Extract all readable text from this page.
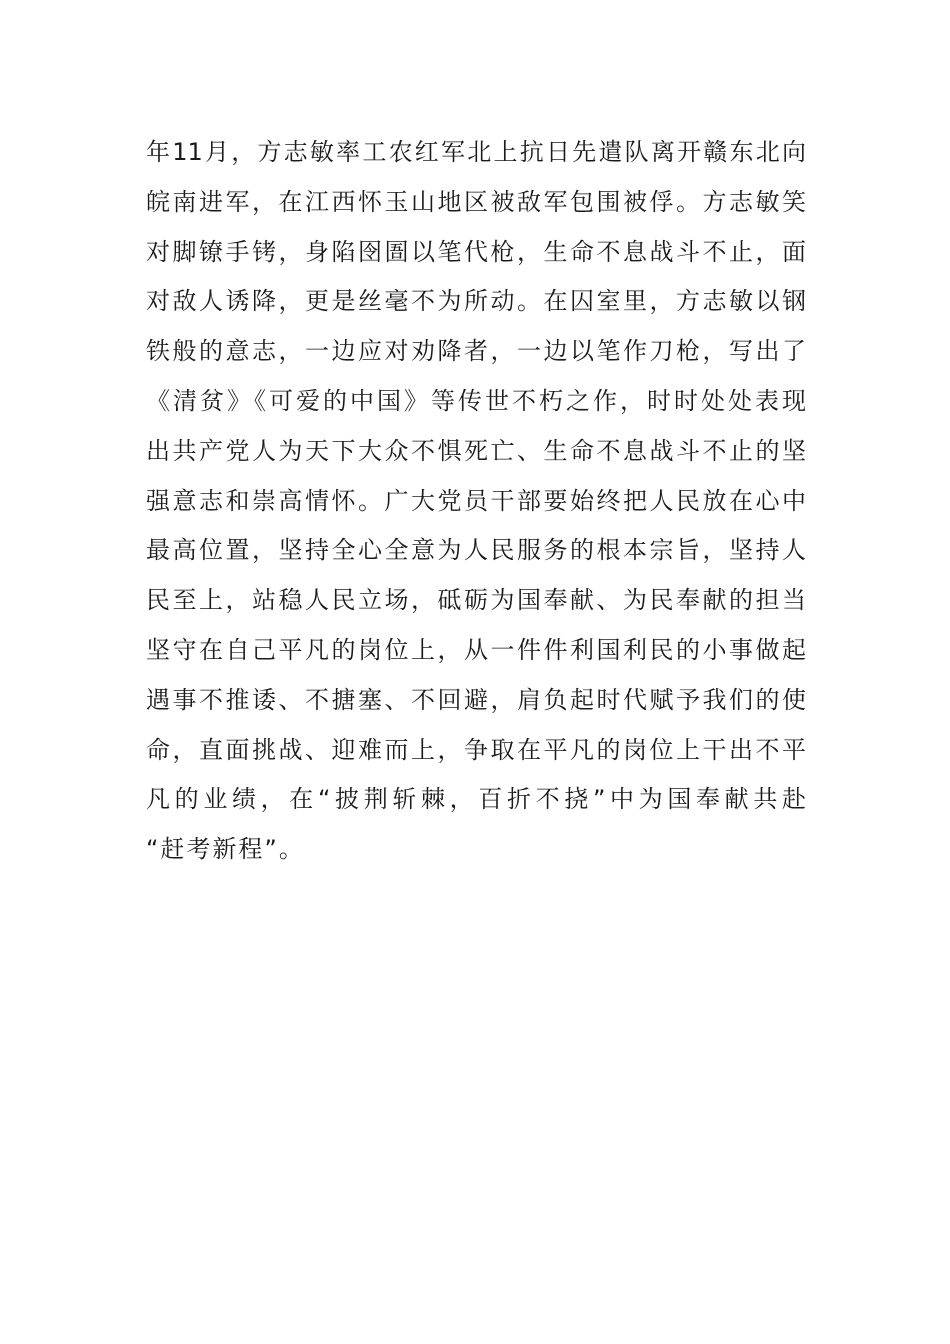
年11月，方志敏率工农红军北上抗日先遣队离开赣东北向
皖南进军，在江西怀玉山地区被敌军包围被俘。方志敏笑
对脚镣手铐，身陷囹圄以笔代枪，生命不息战斗不止，面
对敌人诱降，更是丝毫不为所动。在囚室里，方志敏以钢
铁般的意志，一边应对劝降者，一边以笔作刀枪，写出了
《清贫》《可爱的中国》等传世不朽之作，时时处处表现
出共产党人为天下大众不惧死亡、生命不息战斗不止的坚
强意志和崇高情怀。广大党员干部要始终把人民放在心中
最高位置，坚持全心全意为人民服务的根本宗旨，坚持人
民至上，站稳人民立场，砥砺为国奉献、为民奉献的担当
坚守在自己平凡的岗位上，从一件件利国利民的小事做起
遇事不推诿、不搪塞、不回避，肩负起时代赋予我们的使
命，直面挑战、迎难而上，争取在平凡的岗位上干出不平
凡的业绩，在“披荆斩棘，百折不挠”中为国奉献共赴
“赶考新程”。
